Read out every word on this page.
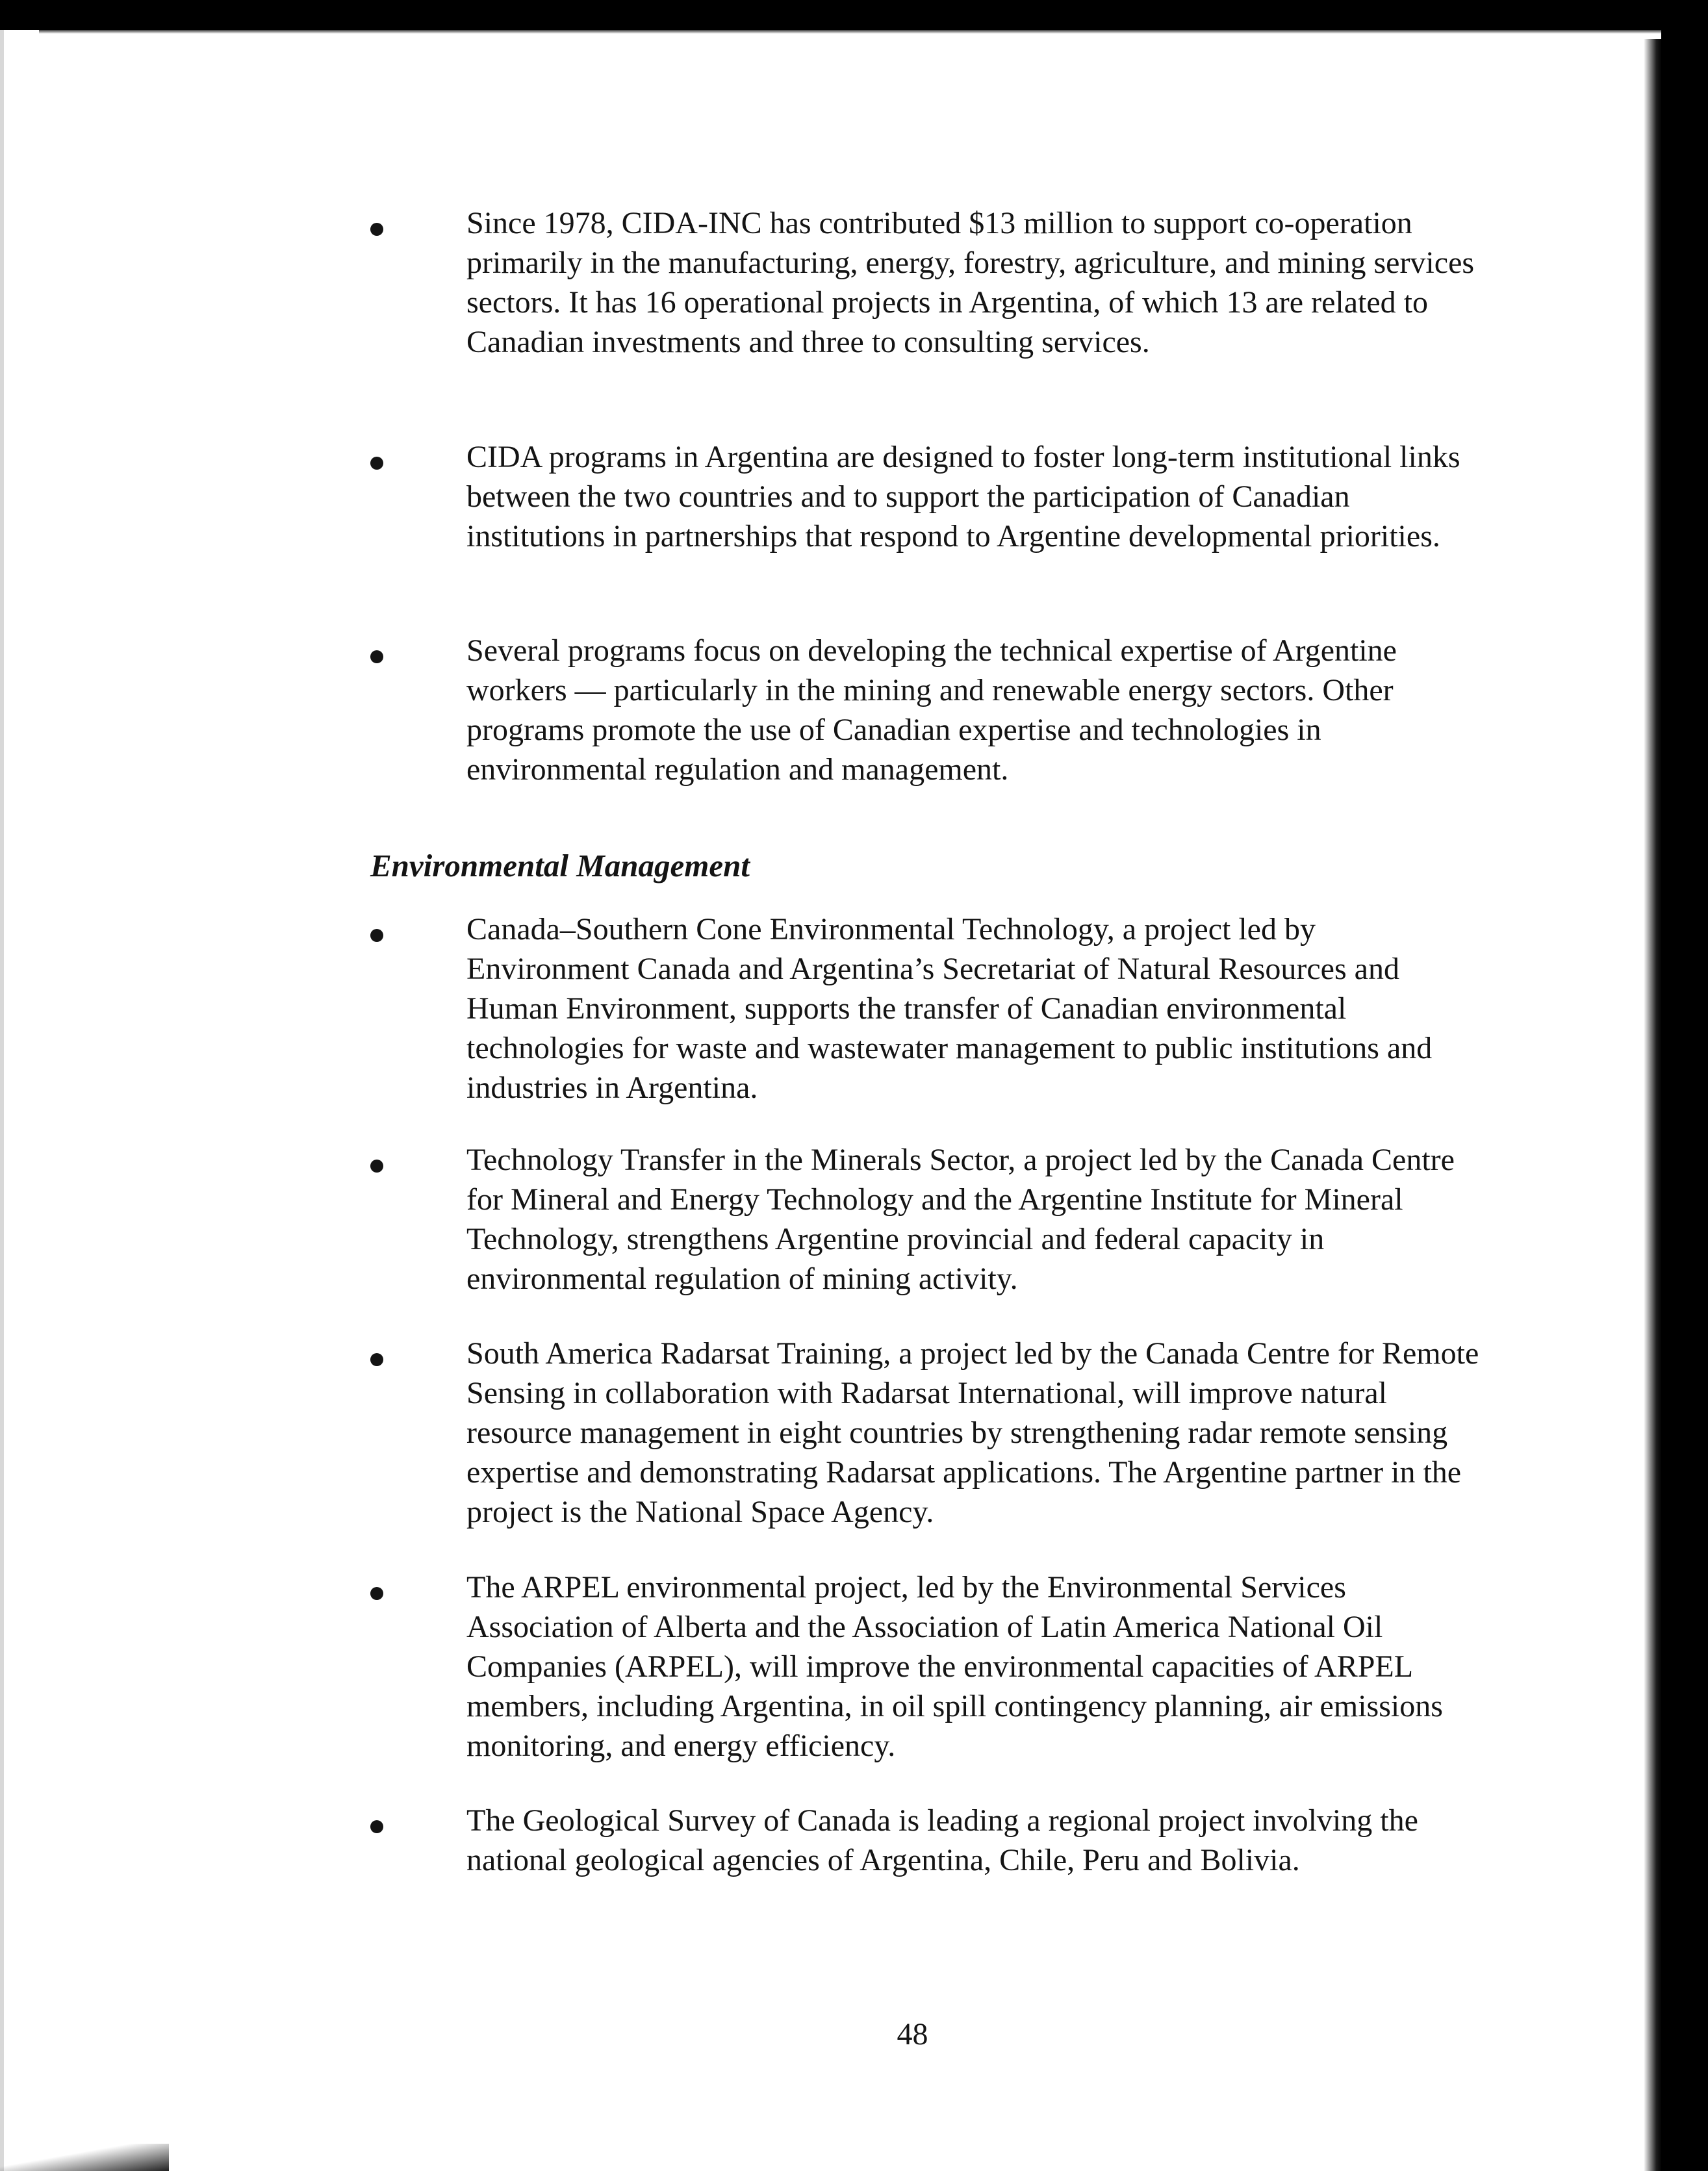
Since 1978, CIDA-INC has contributed $13 million to support co-operation primarily in the manufacturing, energy, forestry, agriculture, and mining services sectors. It has 16 operational projects in Argentina, of which 13 are related to Canadian investments and three to consulting services.

CIDA programs in Argentina are designed to foster long-term institutional links between the two countries and to support the participation of Canadian institutions in partnerships that respond to Argentine developmental priorities.

Several programs focus on developing the technical expertise of Argentine workers — particularly in the mining and renewable energy sectors. Other programs promote the use of Canadian expertise and technologies in environmental regulation and management.

Environmental Management

Canada–Southern Cone Environmental Technology, a project led by Environment Canada and Argentina’s Secretariat of Natural Resources and Human Environment, supports the transfer of Canadian environmental technologies for waste and wastewater management to public institutions and industries in Argentina.

Technology Transfer in the Minerals Sector, a project led by the Canada Centre for Mineral and Energy Technology and the Argentine Institute for Mineral Technology, strengthens Argentine provincial and federal capacity in environmental regulation of mining activity.

South America Radarsat Training, a project led by the Canada Centre for Remote Sensing in collaboration with Radarsat International, will improve natural resource management in eight countries by strengthening radar remote sensing expertise and demonstrating Radarsat applications. The Argentine partner in the project is the National Space Agency.

The ARPEL environmental project, led by the Environmental Services Association of Alberta and the Association of Latin America National Oil Companies (ARPEL), will improve the environmental capacities of ARPEL members, including Argentina, in oil spill contingency planning, air emissions monitoring, and energy efficiency.

The Geological Survey of Canada is leading a regional project involving the national geological agencies of Argentina, Chile, Peru and Bolivia.

48
